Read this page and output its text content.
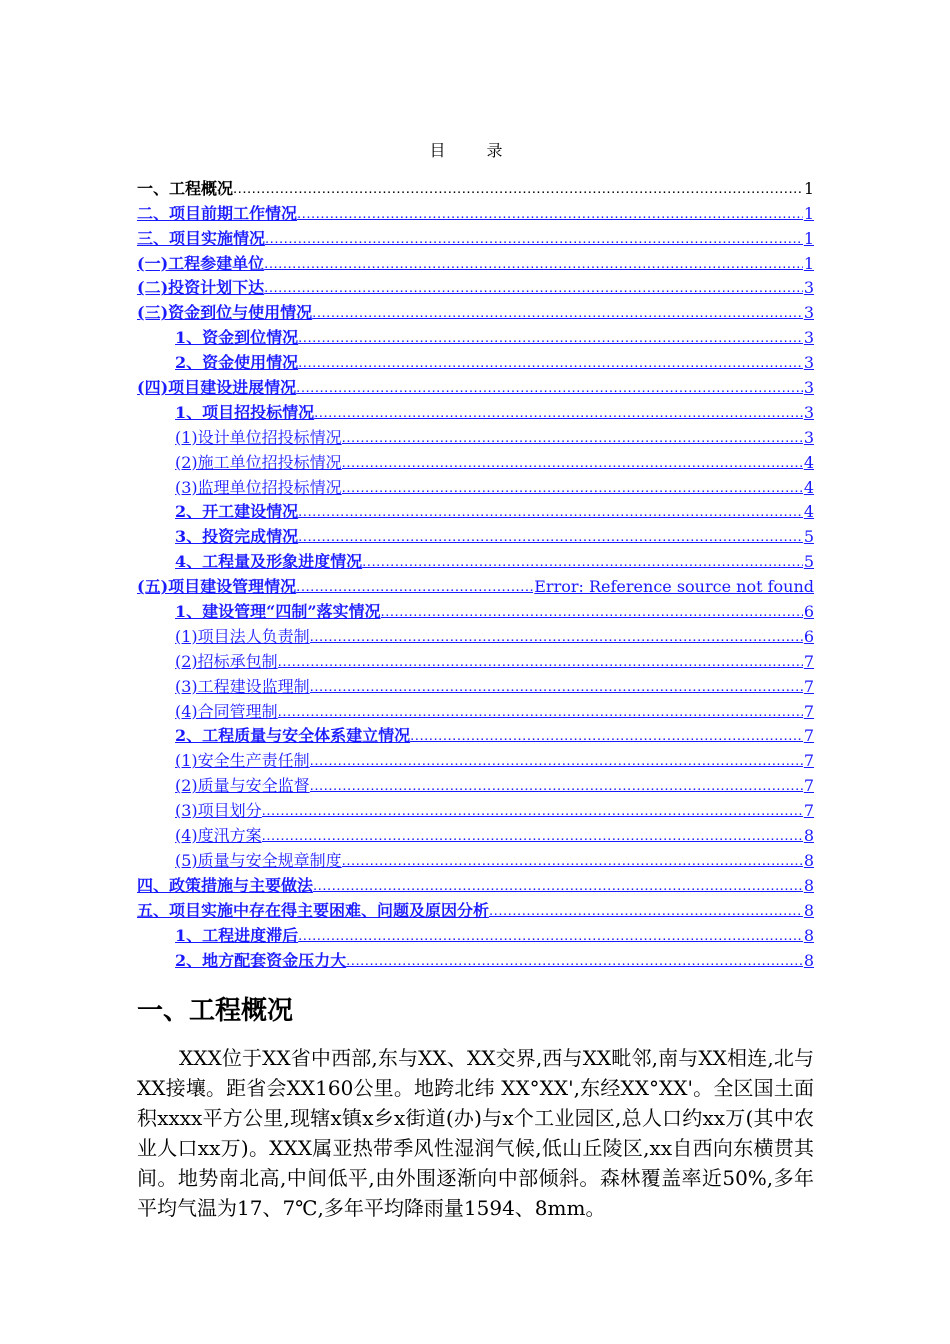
目 录
一、工程概况 .....	1
二、项目前期工作情况 .....	1
三、项目实施情况 .....	1
(一)工程参建单位 .....	1
(二)投资计划下达 .....	3
(三)资金到位与使用情况 .....	3
1、资金到位情况 .....	3
2、资金使用情况 .....	3
(四)项目建设进展情况 .....	3
1、项目招投标情况 .....	3
(1)设计单位招投标情况 .....	3
(2)施工单位招投标情况 .....	4
(3)监理单位招投标情况 .....	4
2、开工建设情况 .....	4
3、投资完成情况 .....	5
4、工程量及形象进度情况 .....	5
(五)项目建设管理情况 .....	Error: Reference source not found
1、建设管理“四制”落实情况 .....	6
(1)项目法人负责制 .....	6
(2)招标承包制 .....	7
(3)工程建设监理制 .....	7
(4)合同管理制 .....	7
2、工程质量与安全体系建立情况 .....	7
(1)安全生产责任制 .....	7
(2)质量与安全监督 .....	7
(3)项目划分 .....	7
(4)度汛方案 .....	8
(5)质量与安全规章制度 .....	8
四、政策措施与主要做法 .....	8
五、项目实施中存在得主要困难、问题及原因分析 .....	8
1、工程进度滞后 .....	8
2、地方配套资金压力大 .....	8
一、工程概况
XXX位于XX省中西部,东与XX、XX交界,西与XX毗邻,南与XX相连,北与XX接壤。距省会XX160公里。地跨北纬 XX°XX',东经XX°XX'。全区国土面积xxxx平方公里,现辖x镇x乡x街道(办)与x个工业园区,总人口约xx万(其中农业人口xx万)。XXX属亚热带季风性湿润气候,低山丘陵区,xx自西向东横贯其间。地势南北高,中间低平,由外围逐渐向中部倾斜。森林覆盖率近50%,多年平均气温为17、7℃,多年平均降雨量1594、8mm。
